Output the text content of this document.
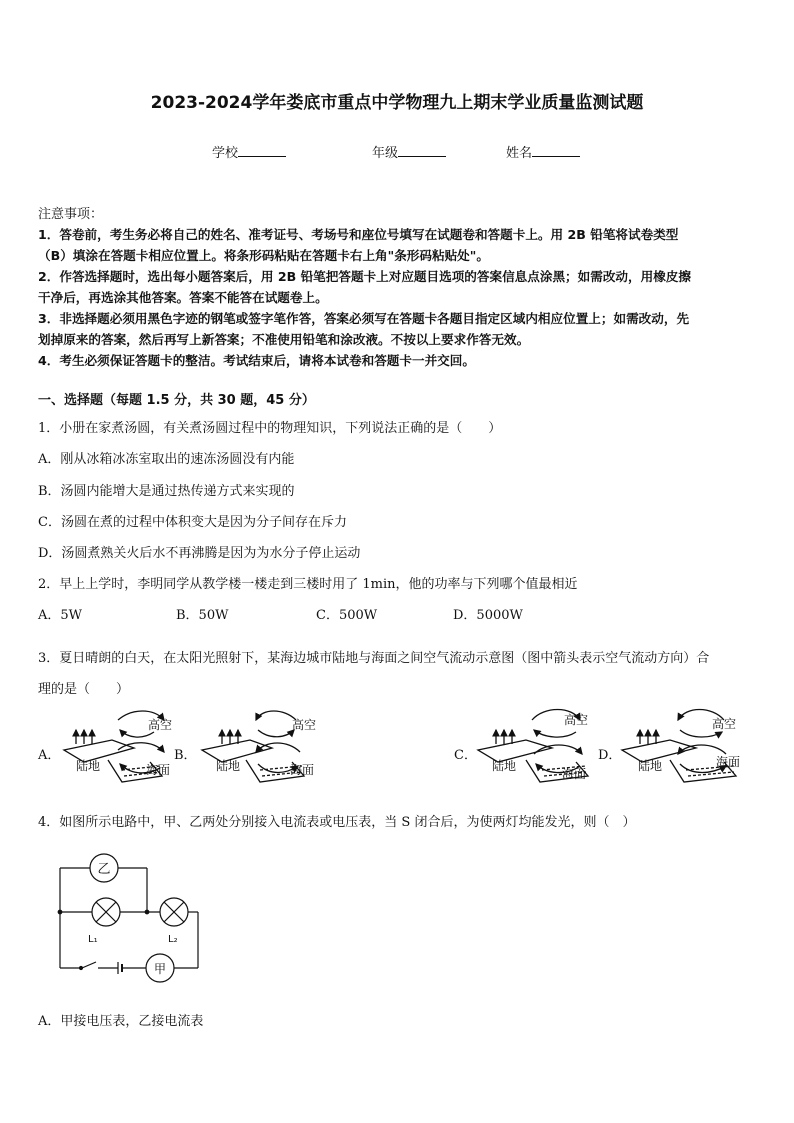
2023-2024学年娄底市重点中学物理九上期末学业质量监测试题
学校	年级	姓名
注意事项：
1．答卷前，考生务必将自己的姓名、准考证号、考场号和座位号填写在试题卷和答题卡上。用 2B 铅笔将试卷类型
（B）填涂在答题卡相应位置上。将条形码粘贴在答题卡右上角"条形码粘贴处"。
2．作答选择题时，选出每小题答案后，用 2B 铅笔把答题卡上对应题目选项的答案信息点涂黑；如需改动，用橡皮擦
干净后，再选涂其他答案。答案不能答在试题卷上。
3．非选择题必须用黑色字迹的钢笔或签字笔作答，答案必须写在答题卡各题目指定区域内相应位置上；如需改动，先
划掉原来的答案，然后再写上新答案；不准使用铅笔和涂改液。不按以上要求作答无效。
4．考生必须保证答题卡的整洁。考试结束后，请将本试卷和答题卡一并交回。
一、选择题（每题 1.5 分，共 30 题，45 分）
1．小册在家煮汤圆，有关煮汤圆过程中的物理知识，下列说法正确的是（　　）
A．刚从冰箱冰冻室取出的速冻汤圆没有内能
B．汤圆内能增大是通过热传递方式来实现的
C．汤圆在煮的过程中体积变大是因为分子间存在斥力
D．汤圆煮熟关火后水不再沸腾是因为为水分子停止运动
2．早上上学时，李明同学从教学楼一楼走到三楼时用了 1min，他的功率与下列哪个值最相近
A．5W	B．50W	C．500W	D．5000W
3．夏日晴朗的白天，在太阳光照射下，某海边城市陆地与海面之间空气流动示意图（图中箭头表示空气流动方向）合
理的是（　　）
A．	B．	C．	D．
高空
陆地	海面
高空
陆地	海面
高空
陆地
海面
高空
陆地	海面
乙
甲
L₁	L₂
4．如图所示电路中，甲、乙两处分别接入电流表或电压表，当 S 闭合后，为使两灯均能发光，则（　）
A．甲接电压表，乙接电流表
